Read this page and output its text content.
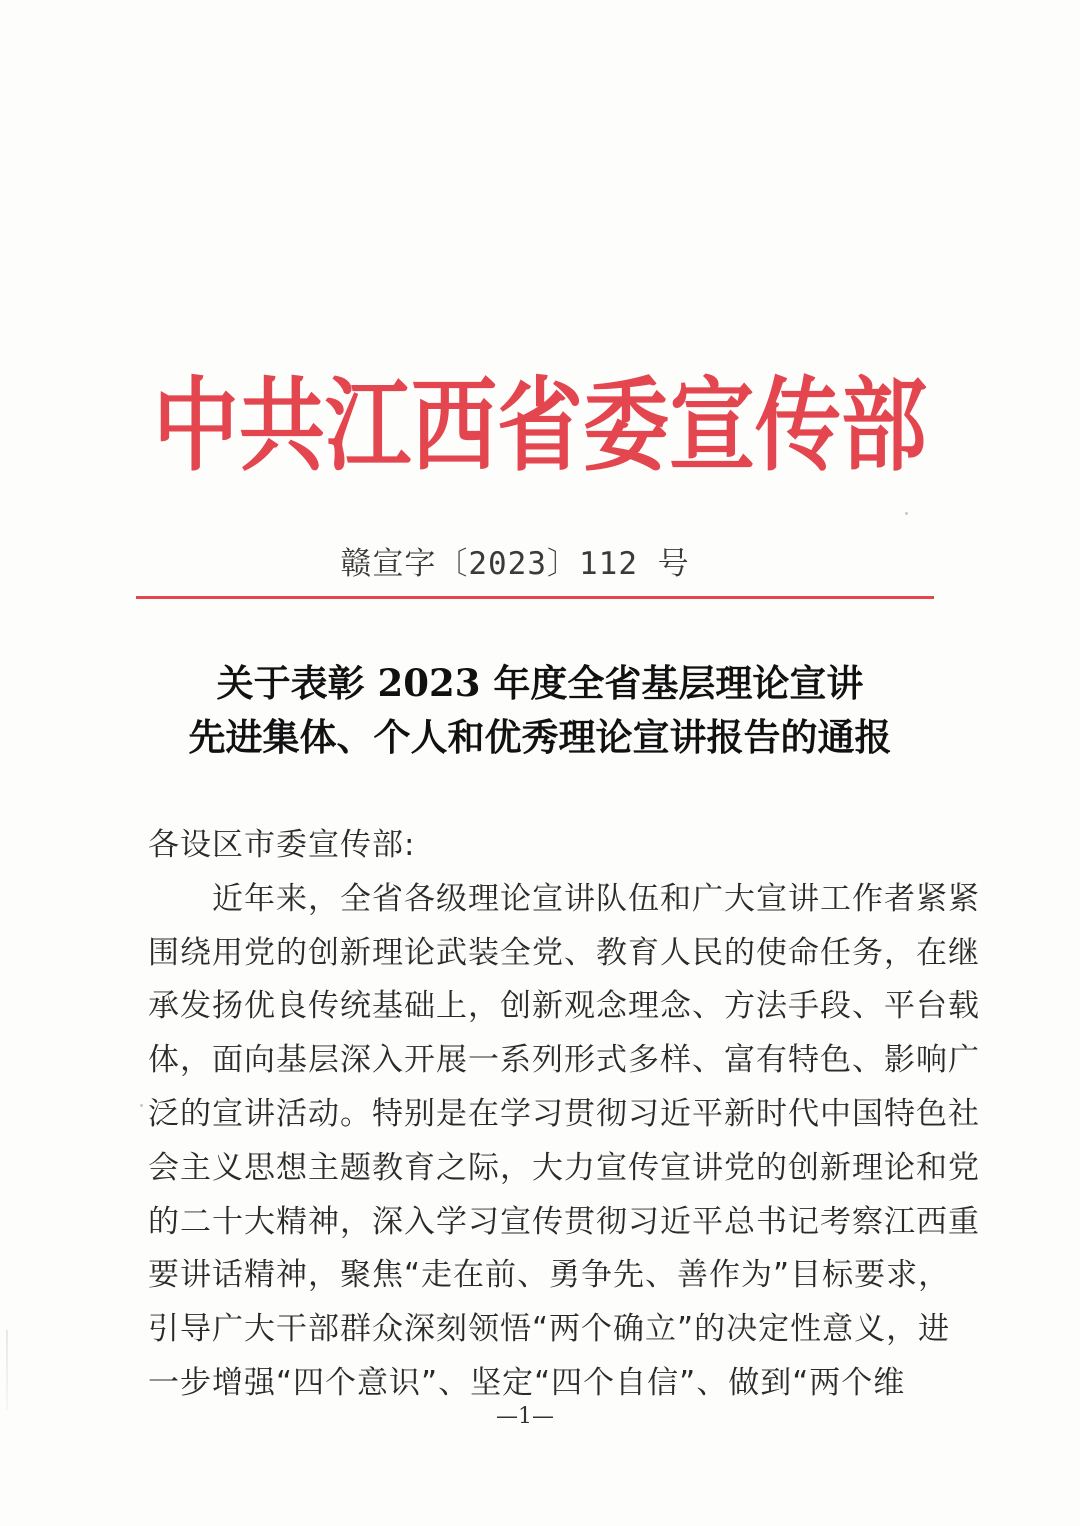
中共江西省委宣传部
赣宣字〔2023〕112 号
关于表彰 2023 年度全省基层理论宣讲
先进集体、个人和优秀理论宣讲报告的通报
各设区市委宣传部:
　　近年来，全省各级理论宣讲队伍和广大宣讲工作者紧紧
围绕用党的创新理论武装全党、教育人民的使命任务，在继
承发扬优良传统基础上，创新观念理念、方法手段、平台载
体，面向基层深入开展一系列形式多样、富有特色、影响广
泛的宣讲活动。特别是在学习贯彻习近平新时代中国特色社
会主义思想主题教育之际，大力宣传宣讲党的创新理论和党
的二十大精神，深入学习宣传贯彻习近平总书记考察江西重
要讲话精神，聚焦“走在前、勇争先、善作为”目标要求，
引导广大干部群众深刻领悟“两个确立”的决定性意义，进
一步增强“四个意识”、坚定“四个自信”、做到“两个维
—1—
